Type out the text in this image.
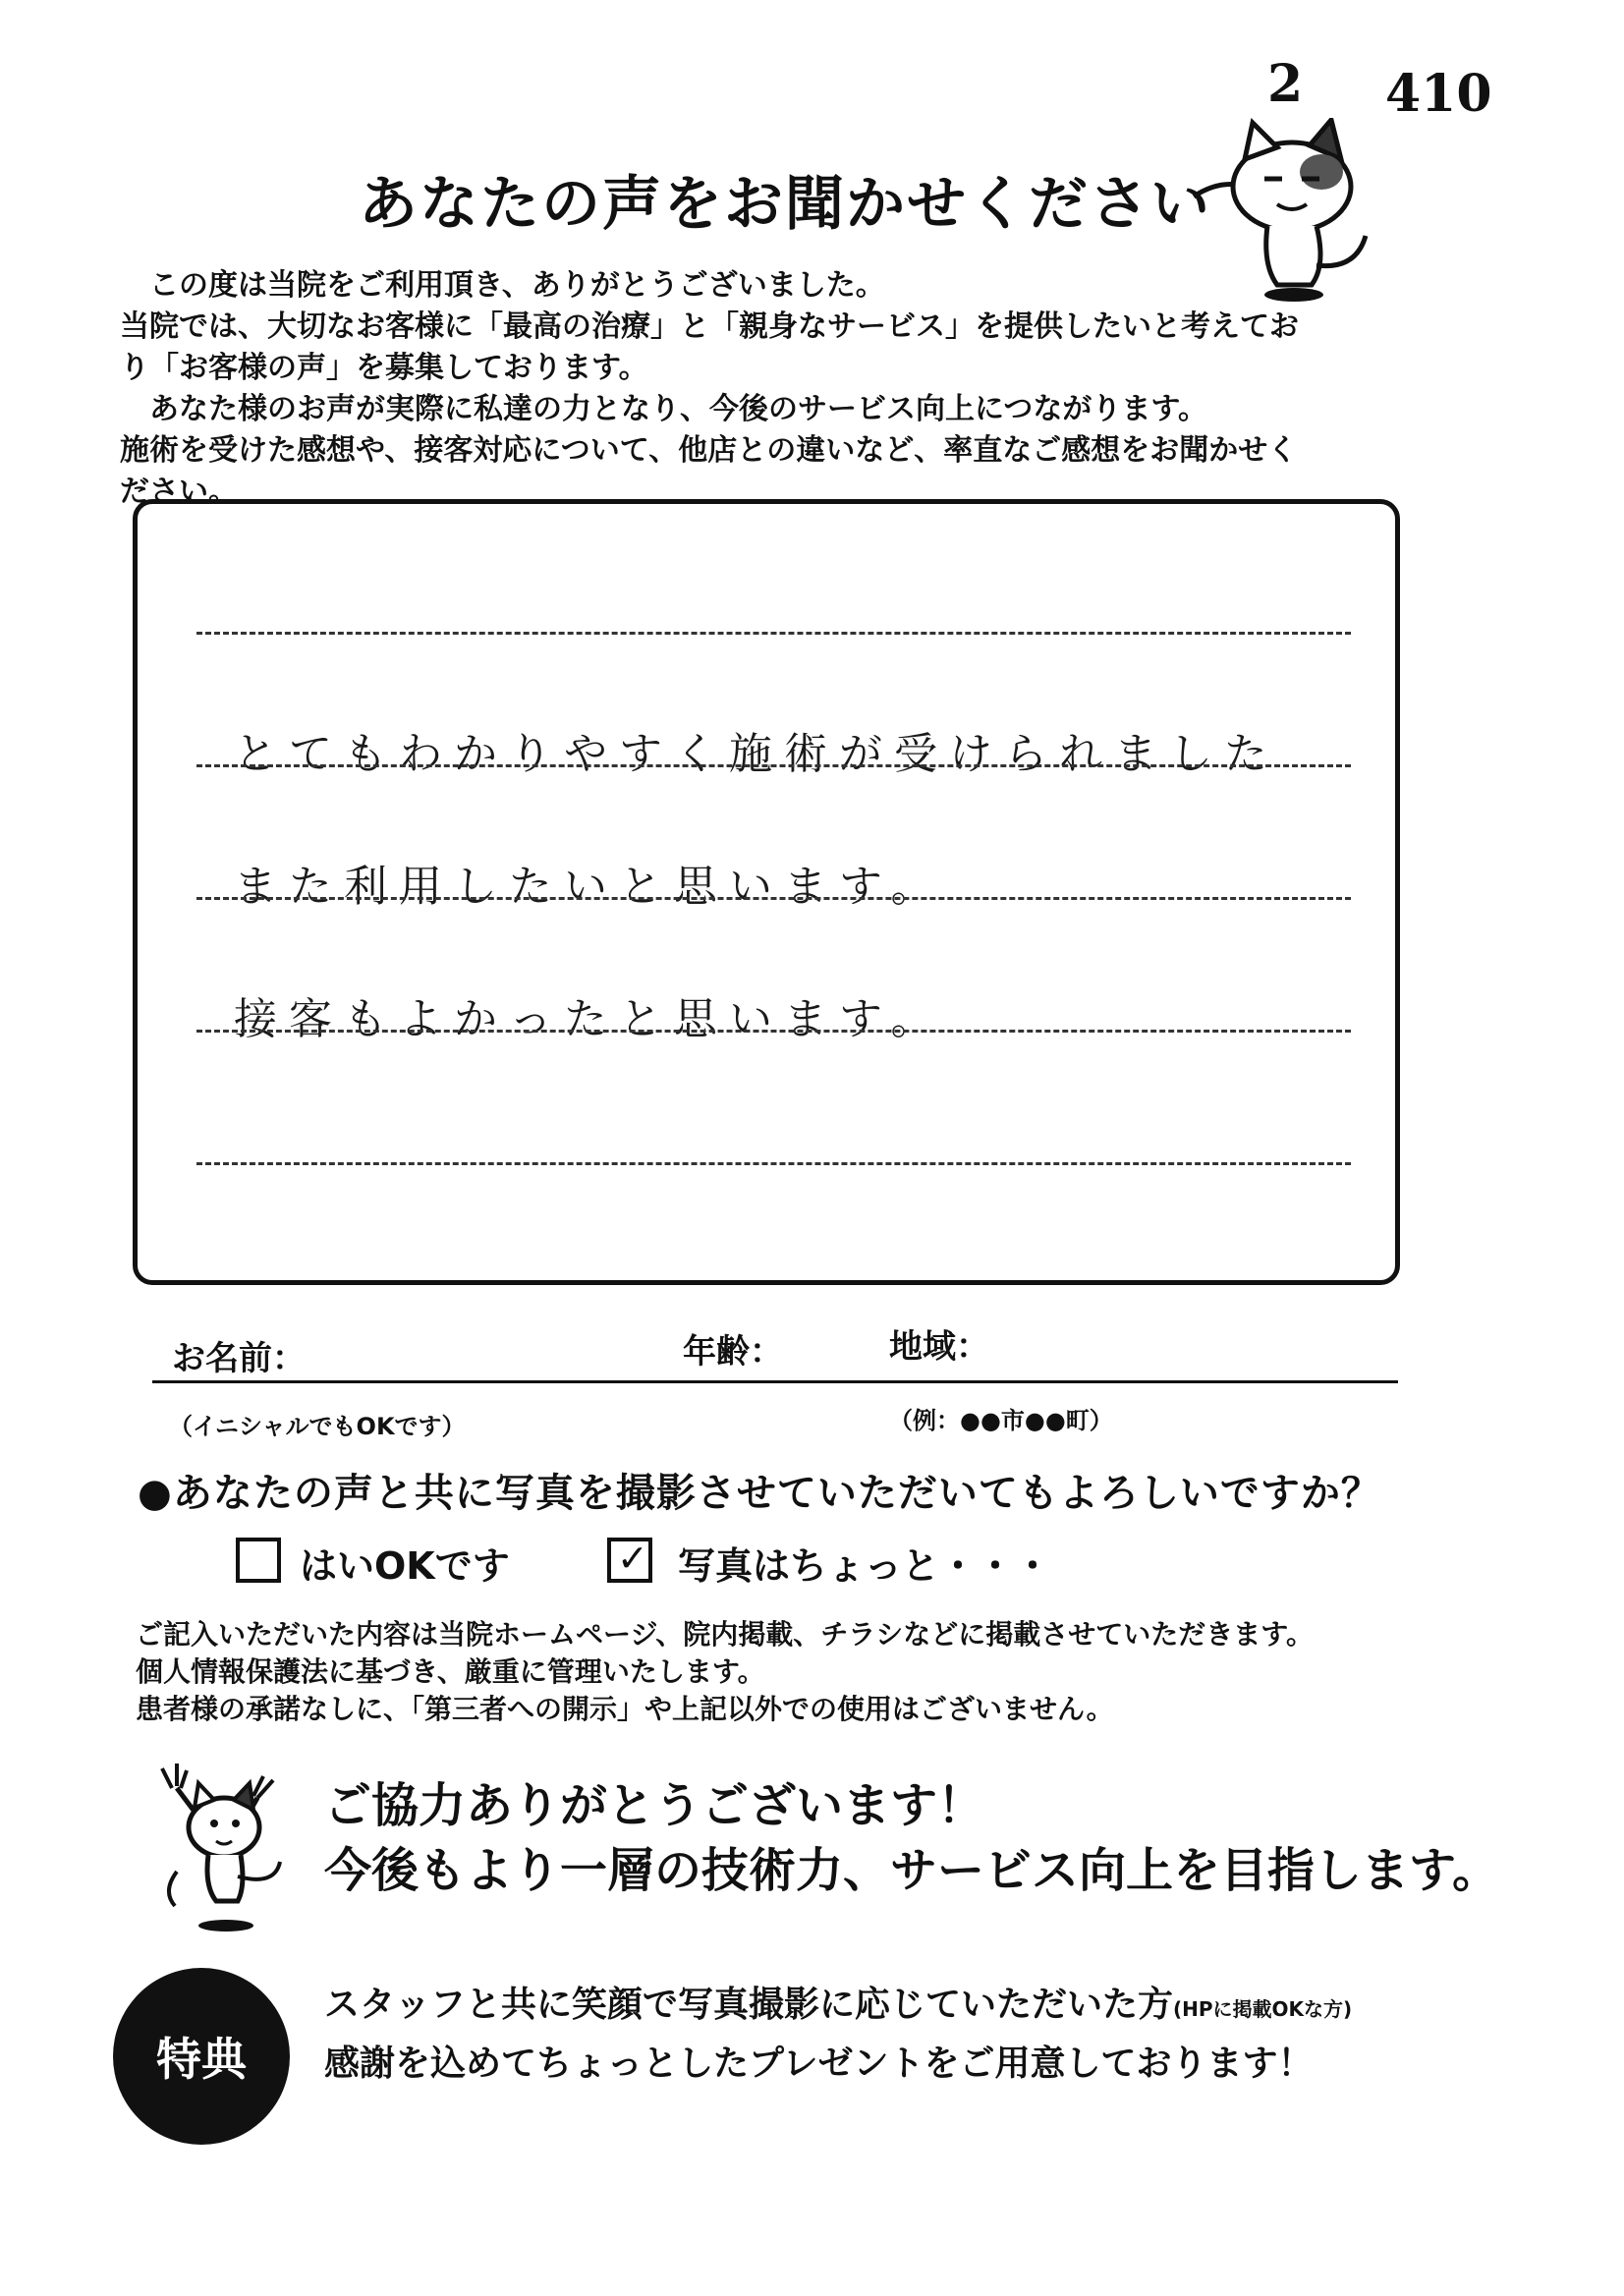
2 410
あなたの声をお聞かせください
　この度は当院をご利用頂き、ありがとうございました。
当院では、大切なお客様に「最高の治療」と「親身なサービス」を提供したいと考えてお
り「お客様の声」を募集しております。
　あなた様のお声が実際に私達の力となり、今後のサービス向上につながります。
施術を受けた感想や、接客対応について、他店との違いなど、率直なご感想をお聞かせく
ださい。
とてもわかりやすく施術が受けられました
また利用したいと思います。
接客もよかったと思います。
お名前：	年齢：	地域：
（イニシャルでもOKです）	（例：●●市●●町）
●あなたの声と共に写真を撮影させていただいてもよろしいですか？
はいOKです	✓ 写真はちょっと・・・
ご記入いただいた内容は当院ホームページ、院内掲載、チラシなどに掲載させていただきます。
個人情報保護法に基づき、厳重に管理いたします。
患者様の承諾なしに、「第三者への開示」や上記以外での使用はございません。
ご協力ありがとうございます！
今後もより一層の技術力、サービス向上を目指します。
特典
スタッフと共に笑顔で写真撮影に応じていただいた方(HPに掲載OKな方)
感謝を込めてちょっとしたプレゼントをご用意しております！
